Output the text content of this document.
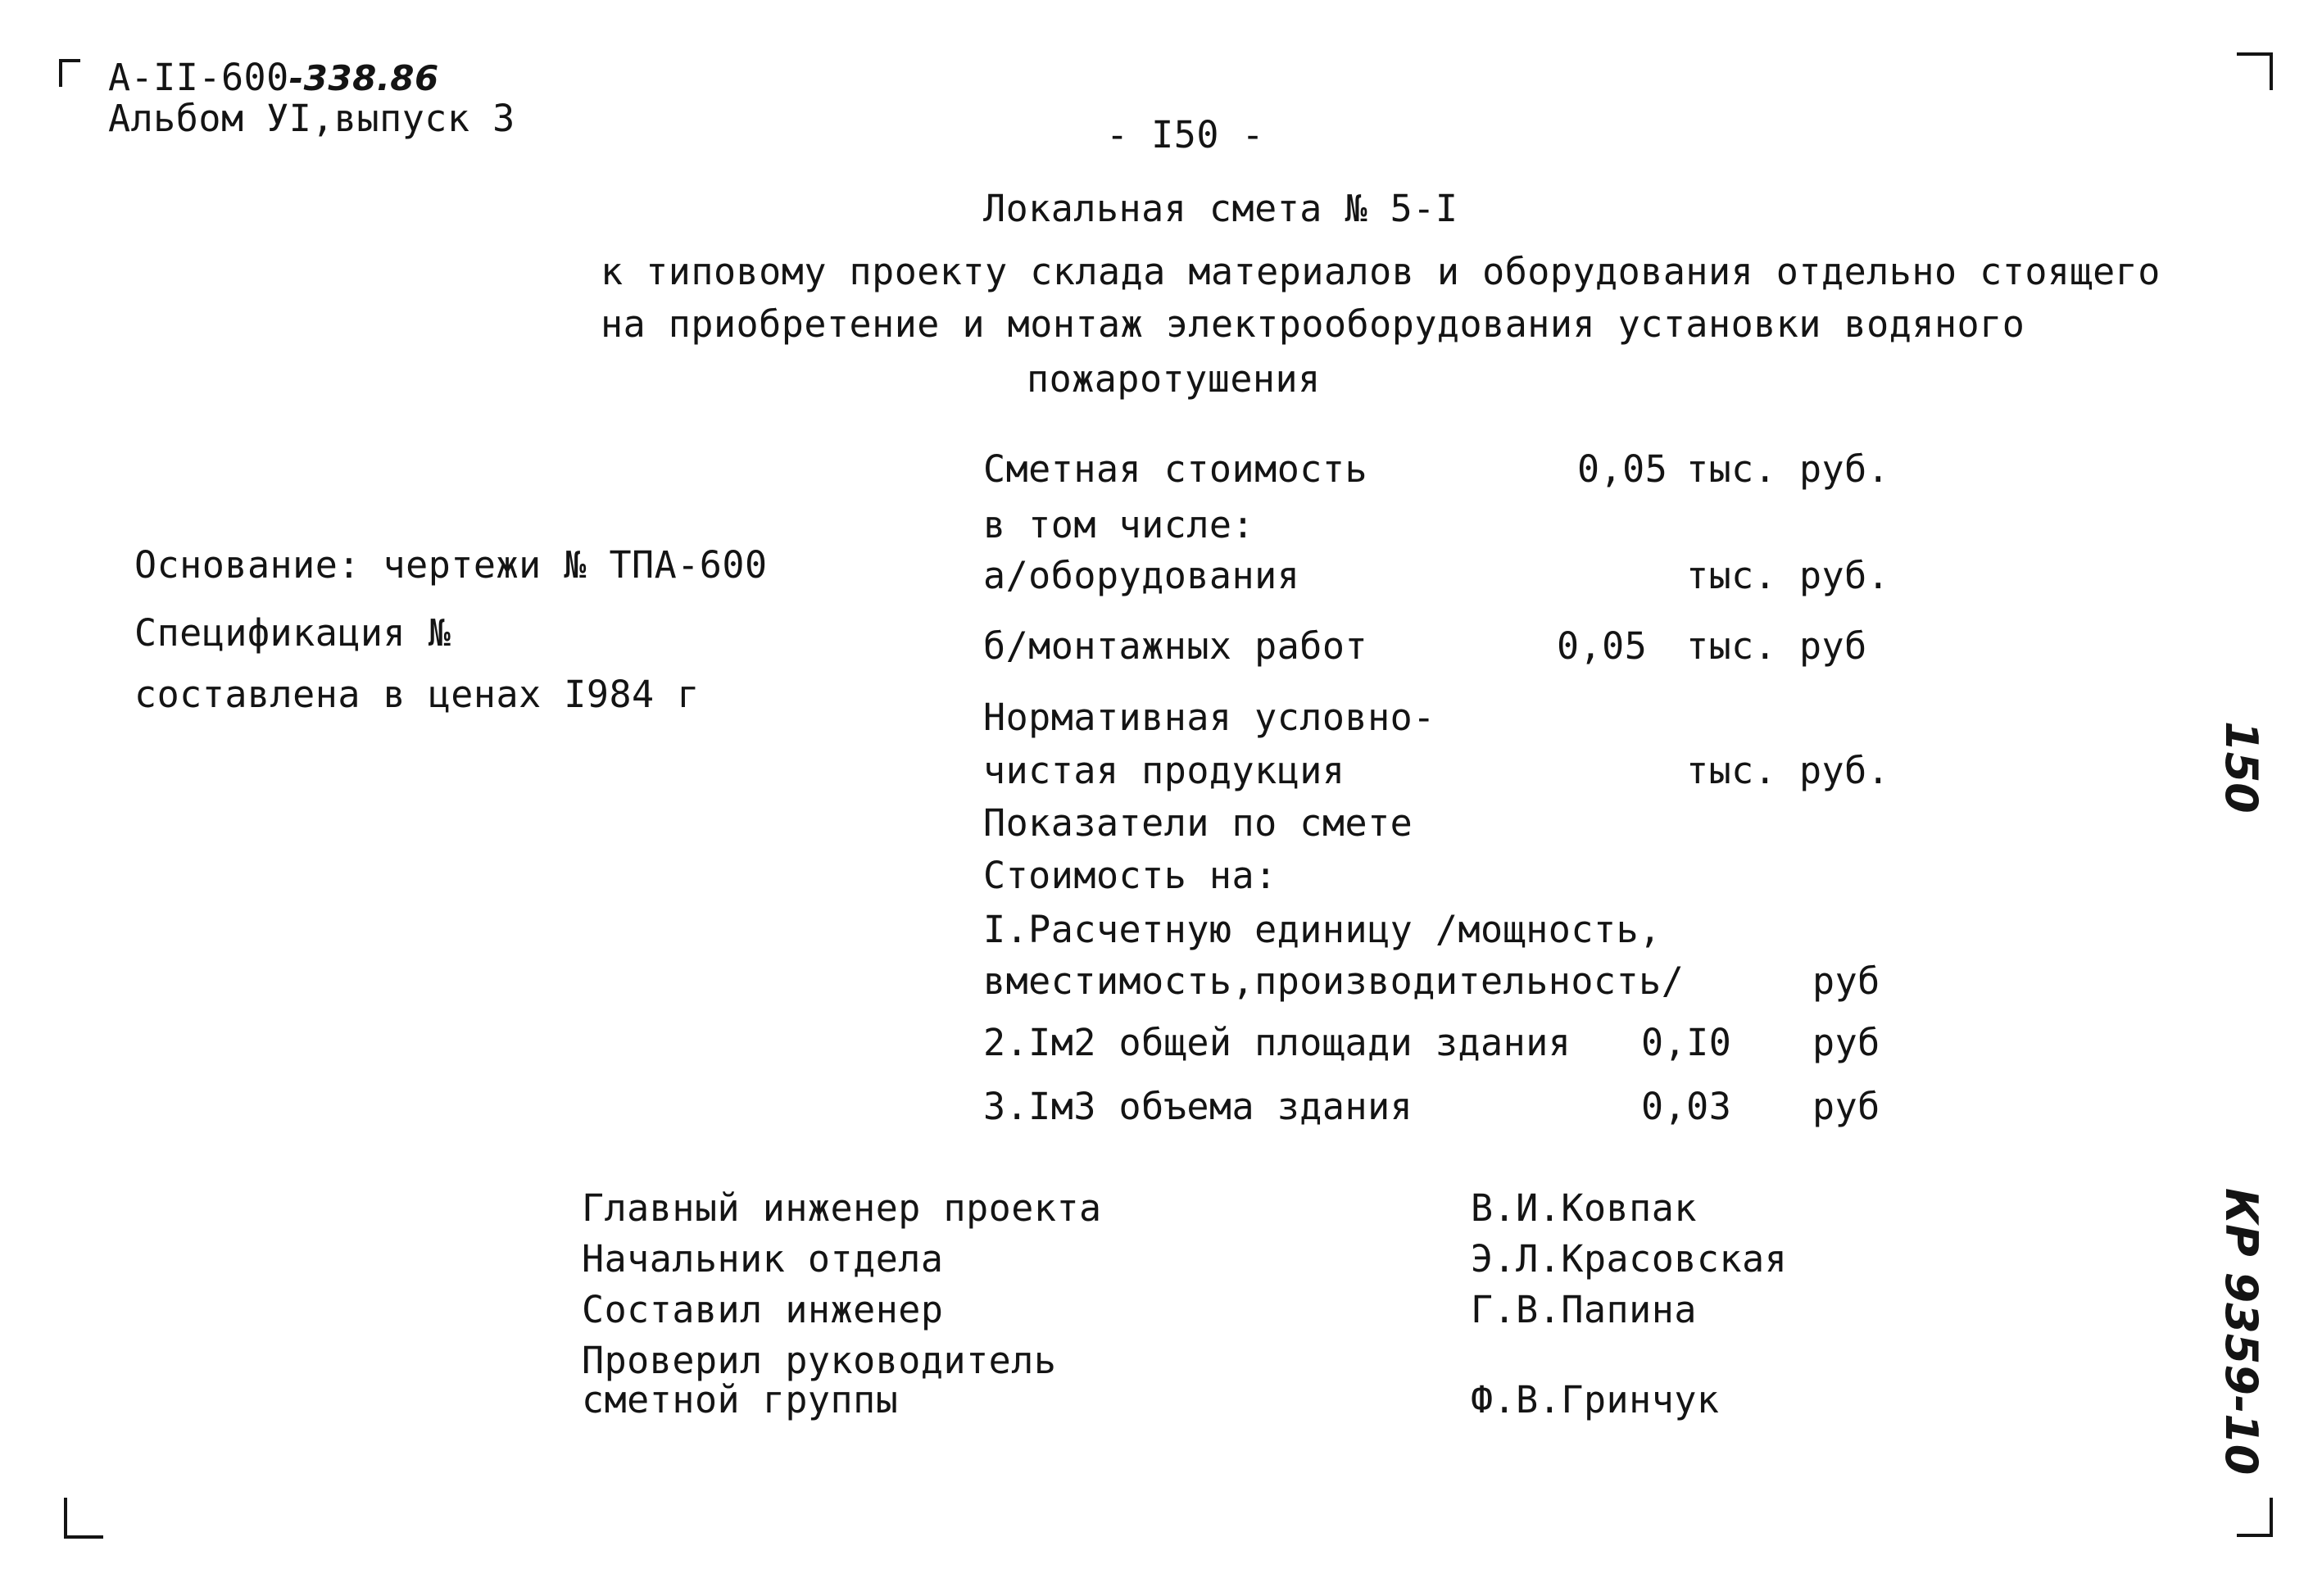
А-II-600-338.86
Альбом УI,выпуск 3	- I50 -
Локальная смета № 5-I
к типовому проекту склада материалов и оборудования отдельно стоящего
на приобретение и монтаж электрооборудования установки водяного
пожаротушения
Основание: чертежи № ТПА-600
Спецификация №
составлена в ценах I984 г
Сметная стоимость	0,05 тыс. руб.
в том числе:
а/оборудования	тыс. руб.
б/монтажных работ	0,05 тыс. руб
Нормативная условно-
чистая продукция	тыс. руб.
Показатели по смете
Стоимость на:
I.Расчетную единицу /мощность,
вместимость,производительность/	руб
2.Iм2 общей площади здания 0,I0 руб
3.Iм3 объема здания	0,03 руб
Главный инженер проекта	В.И.Ковпак
Начальник отдела	Э.Л.Красовская
Составил инженер	Г.В.Папина
Проверил руководитель
сметной группы	Ф.В.Гринчук
150
КР 9359-10
